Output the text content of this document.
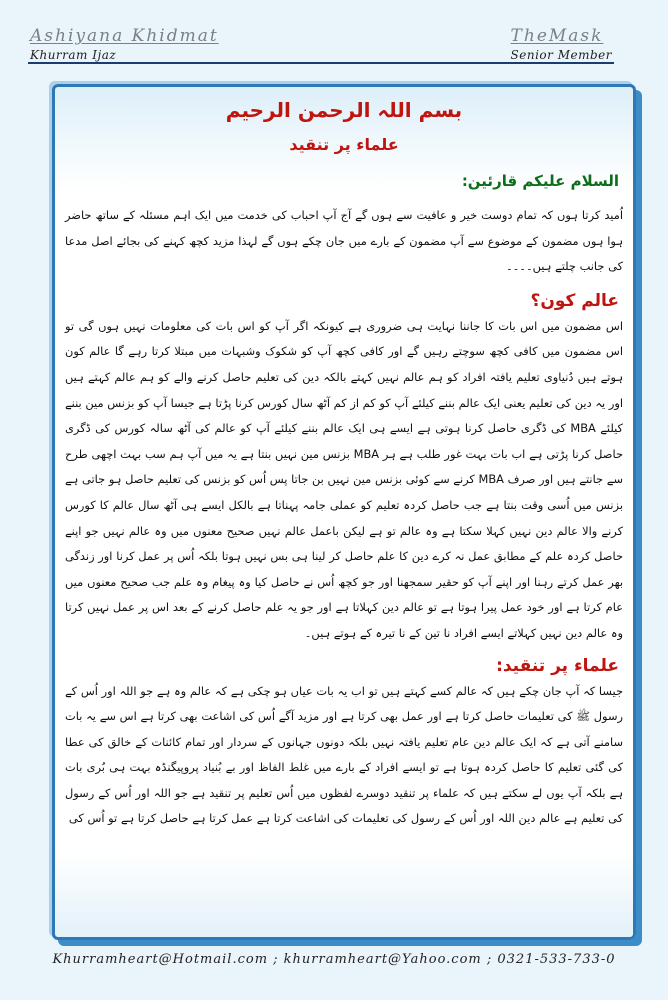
Ashiyana Khidmat
Khurram Ijaz
TheMask
Senior Member
بسم اللہ الرحمن الرحیم
علماء پر تنقید
السلام علیکم قارئین:

اُمید کرتا ہوں کہ تمام دوست خیر و عافیت سے ہوں گے آج آپ احباب کی خدمت میں ایک اہم مسئلہ کے ساتھ حاضر ہوا ہوں مضمون کے موضوع سے آپ مضمون کے بارے میں جان چکے ہوں گے لہذا مزید کچھ کہنے کی بجائے اصل مدعا کی جانب چلتے ہیں۔۔۔۔

عالم کون؟

اس مضمون میں اس بات کا جاننا نہایت ہی ضروری ہے کیونکہ اگر آپ کو اس بات کی معلومات نہیں ہوں گی تو اس مضمون میں کافی کچھ سوچتے رہیں گے اور کافی کچھ آپ کو شکوک وشبہات میں مبتلا کرتا رہے گا عالم کون ہوتے ہیں دُنیاوی تعلیم یافتہ افراد کو ہم عالم نہیں کہتے بالکہ دین کی تعلیم حاصل کرنے والے کو ہم عالم کہتے ہیں اور یہ دین کی تعلیم یعنی ایک عالم بننے کیلئے آپ کو کم از کم آٹھ سال کورس کرنا پڑتا ہے جیسا آپ کو بزنس مین بننے کیلئے MBA کی ڈگری حاصل کرنا ہوتی ہے ایسے ہی ایک عالم بننے کیلئے آپ کو عالم کی آٹھ سالہ کورس کی ڈگری حاصل کرنا پڑتی ہے اب بات بہت غور طلب ہے ہر MBA بزنس مین نہیں بنتا ہے یہ میں آپ ہم سب بہت اچھی طرح سے جانتے ہیں اور صرف MBA کرنے سے کوئی بزنس مین نہیں بن جاتا پس اُس کو بزنس کی تعلیم حاصل ہو جاتی ہے بزنس میں اُسی وقت بنتا ہے جب حاصل کردہ تعلیم کو عملی جامہ پہناتا ہے بالکل ایسے ہی آٹھ سال عالم کا کورس کرنے والا عالم دین نہیں کہلا سکتا ہے وہ عالم تو ہے لیکن باعمل عالم نہیں صحیح معنوں میں وہ عالم نہیں جو اپنے حاصل کردہ علم کے مطابق عمل نہ کرے دین کا علم حاصل کر لینا ہی بس نہیں ہوتا بلکہ اُس پر عمل کرنا اور زندگی بھر عمل کرتے رہنا اور اپنے آپ کو حقیر سمجھنا اور جو کچھ اُس نے حاصل کیا وہ پیغام وہ علم جب صحیح معنوں میں عام کرتا ہے اور خود عمل پیرا ہوتا ہے تو عالم دین کہلاتا ہے اور جو یہ علم حاصل کرنے کے بعد اس پر عمل نہیں کرتا وہ عالم دین نہیں کہلاتے ایسے افراد نا تین کے نا تیرہ کے ہوتے ہیں۔

علماء پر تنقید:

جیسا کہ آپ جان چکے ہیں کہ عالم کسے کہتے ہیں تو اب یہ بات عیاں ہو چکی ہے کہ عالم وہ ہے جو اللہ اور اُس کے رسول ﷺ کی تعلیمات حاصل کرتا ہے اور عمل بھی کرتا ہے اور مزید آگے اُس کی اشاعت بھی کرتا ہے اس سے یہ بات سامنے آتی ہے کہ ایک عالم دین عام تعلیم یافتہ نہیں بلکہ دونوں جہانوں کے سردار اور تمام کائنات کے خالق کی عطا کی گئی تعلیم کا حاصل کردہ ہوتا ہے تو ایسے افراد کے بارے میں غلط الفاظ اور بے بُنیاد پروپیگنڈہ بہت ہی بُری بات ہے بلکہ آپ یوں لے سکتے ہیں کہ علماء پر تنقید دوسرے لفظوں میں اُس تعلیم پر تنقید ہے جو اللہ اور اُس کے رسول کی تعلیم ہے عالم دین اللہ اور اُس کے رسول کی تعلیمات کی اشاعت کرتا ہے عمل کرتا ہے حاصل کرتا ہے تو اُس کی

Khurramheart@Hotmail.com ; khurramheart@Yahoo.com ; 0321-533-733-0
